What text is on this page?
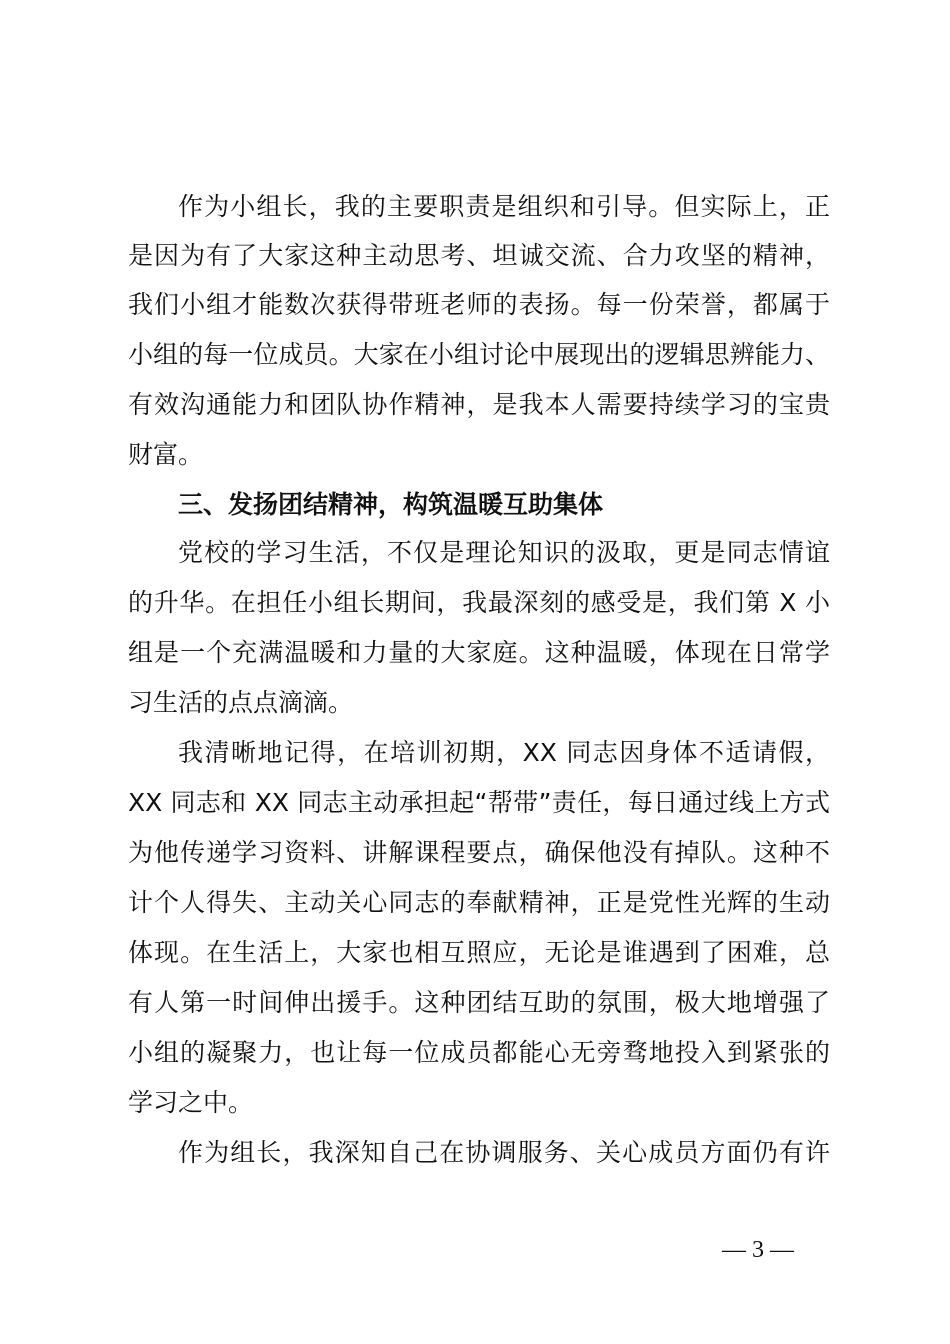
作为小组长，我的主要职责是组织和引导。但实际上，正
是因为有了大家这种主动思考、坦诚交流、合力攻坚的精神，
我们小组才能数次获得带班老师的表扬。每一份荣誉，都属于
小组的每一位成员。大家在小组讨论中展现出的逻辑思辨能力、
有效沟通能力和团队协作精神，是我本人需要持续学习的宝贵
财富。
三、发扬团结精神，构筑温暖互助集体
党校的学习生活，不仅是理论知识的汲取，更是同志情谊
的升华。在担任小组长期间，我最深刻的感受是，我们第 X 小
组是一个充满温暖和力量的大家庭。这种温暖，体现在日常学
习生活的点点滴滴。
我清晰地记得，在培训初期，XX 同志因身体不适请假，
XX 同志和 XX 同志主动承担起“帮带”责任，每日通过线上方式
为他传递学习资料、讲解课程要点，确保他没有掉队。这种不
计个人得失、主动关心同志的奉献精神，正是党性光辉的生动
体现。在生活上，大家也相互照应，无论是谁遇到了困难，总
有人第一时间伸出援手。这种团结互助的氛围，极大地增强了
小组的凝聚力，也让每一位成员都能心无旁骛地投入到紧张的
学习之中。
作为组长，我深知自己在协调服务、关心成员方面仍有许
— 3 —
